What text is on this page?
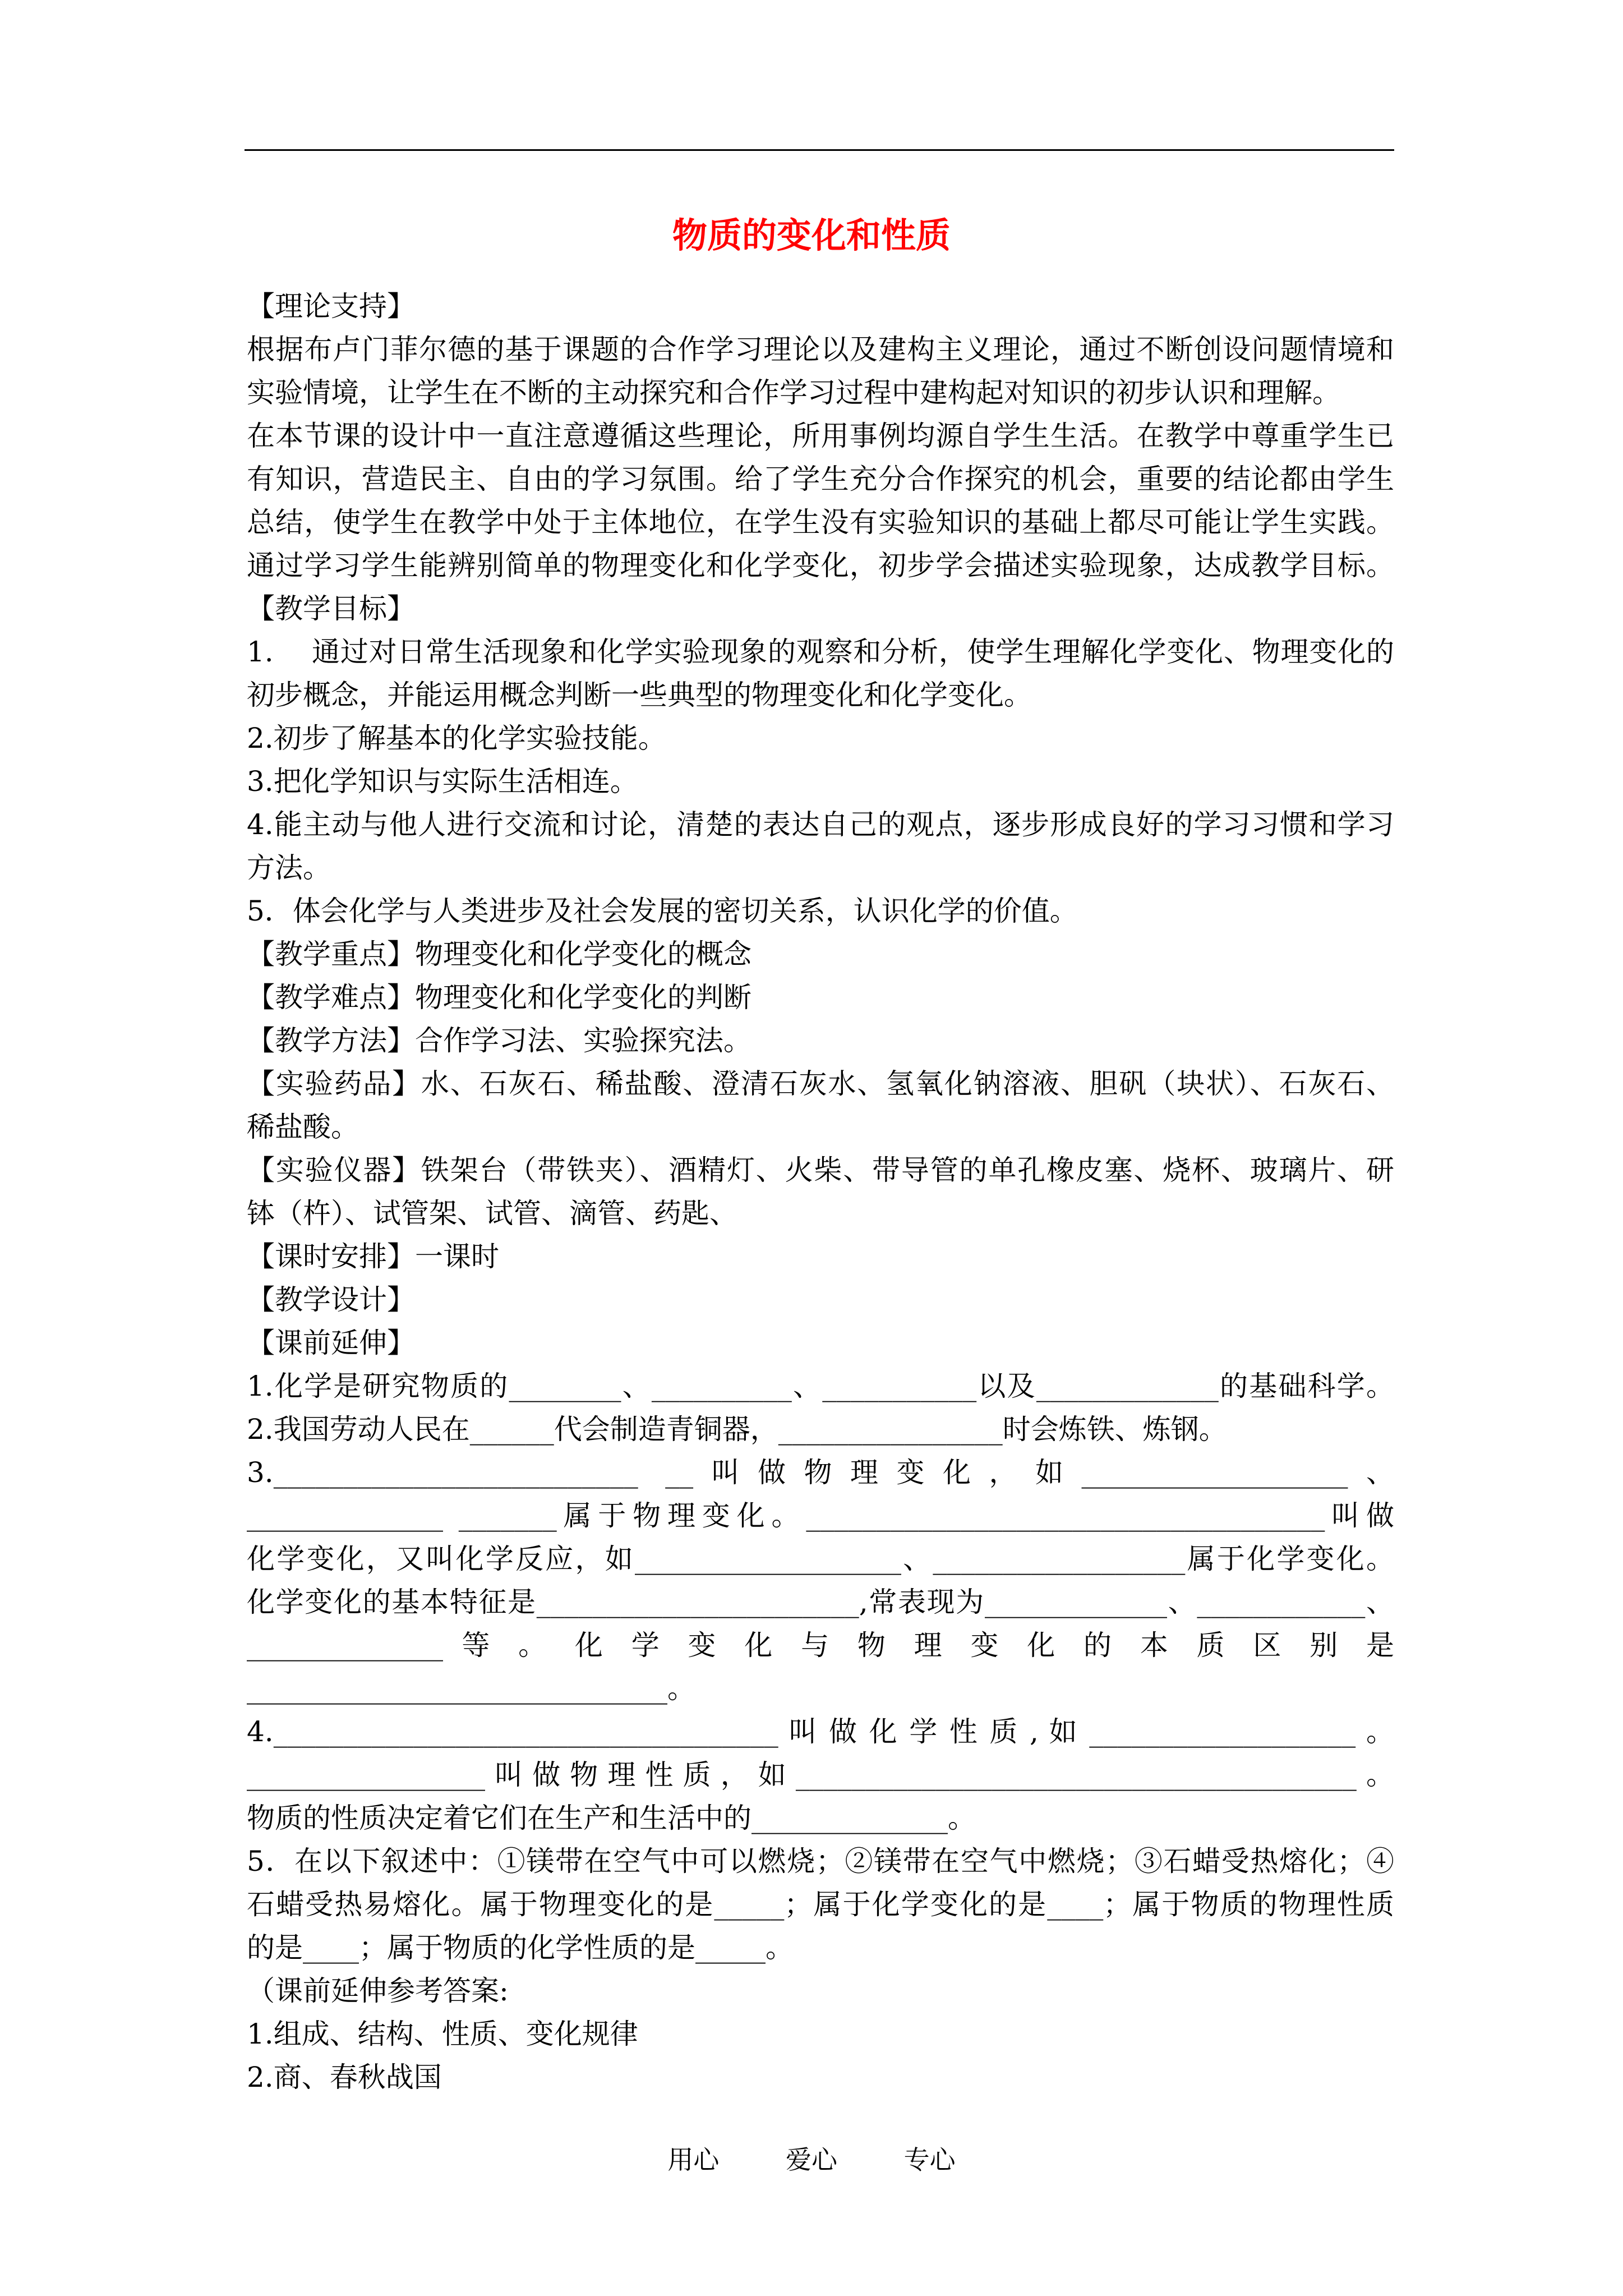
物质的变化和性质

【理论支持】

根据布卢门菲尔德的基于课题的合作学习理论以及建构主义理论，通过不断创设问题情境和

实验情境，让学生在不断的主动探究和合作学习过程中建构起对知识的初步认识和理解。

在本节课的设计中一直注意遵循这些理论，所用事例均源自学生生活。在教学中尊重学生已

有知识，营造民主、自由的学习氛围。给了学生充分合作探究的机会，重要的结论都由学生

总结，使学生在教学中处于主体地位，在学生没有实验知识的基础上都尽可能让学生实践。

通过学习学生能辨别简单的物理变化和化学变化，初步学会描述实验现象，达成教学目标。

【教学目标】

1.　 通过对日常生活现象和化学实验现象的观察和分析，使学生理解化学变化、物理变化的

初步概念，并能运用概念判断一些典型的物理变化和化学变化。

2.初步了解基本的化学实验技能。

3.把化学知识与实际生活相连。

4.能主动与他人进行交流和讨论，清楚的表达自己的观点，逐步形成良好的学习习惯和学习

方法。

5．体会化学与人类进步及社会发展的密切关系，认识化学的价值。

【教学重点】物理变化和化学变化的概念

【教学难点】物理变化和化学变化的判断

【教学方法】合作学习法、实验探究法。

【实验药品】水、石灰石、稀盐酸、澄清石灰水、氢氧化钠溶液、胆矾（块状）、石灰石、

稀盐酸。

【实验仪器】铁架台（带铁夹）、酒精灯、火柴、带导管的单孔橡皮塞、烧杯、玻璃片、研

钵（杵）、试管架、试管、滴管、药匙、

【课时安排】一课时

【教学设计】

【课前延伸】

1.化学是研究物质的________、__________、___________以及_____________的基础科学。

2.我国劳动人民在______代会制造青铜器，________________时会炼铁、炼钢。

3.__________________________ __叫做物理变化，如___________________、

______________ _______属于物理变化。_____________________________________叫做

化学变化，又叫化学反应，如___________________、__________________属于化学变化。

化学变化的基本特征是_______________________,常表现为_____________、____________、

______________ 等 。 化 学 变 化 与 物 理 变 化 的 本 质 区 别 是

______________________________。

4.____________________________________ 叫 做 化 学 性 质 , 如 ___________________ 。

_________________叫做物理性质，如________________________________________。

物质的性质决定着它们在生产和生活中的______________。

5．在以下叙述中：①镁带在空气中可以燃烧；②镁带在空气中燃烧；③石蜡受热熔化；④

石蜡受热易熔化。属于物理变化的是_____；属于化学变化的是____；属于物质的物理性质

的是____；属于物质的化学性质的是_____。

（课前延伸参考答案:

1.组成、结构、性质、变化规律

2.商、春秋战国

用心	爱心	专心
